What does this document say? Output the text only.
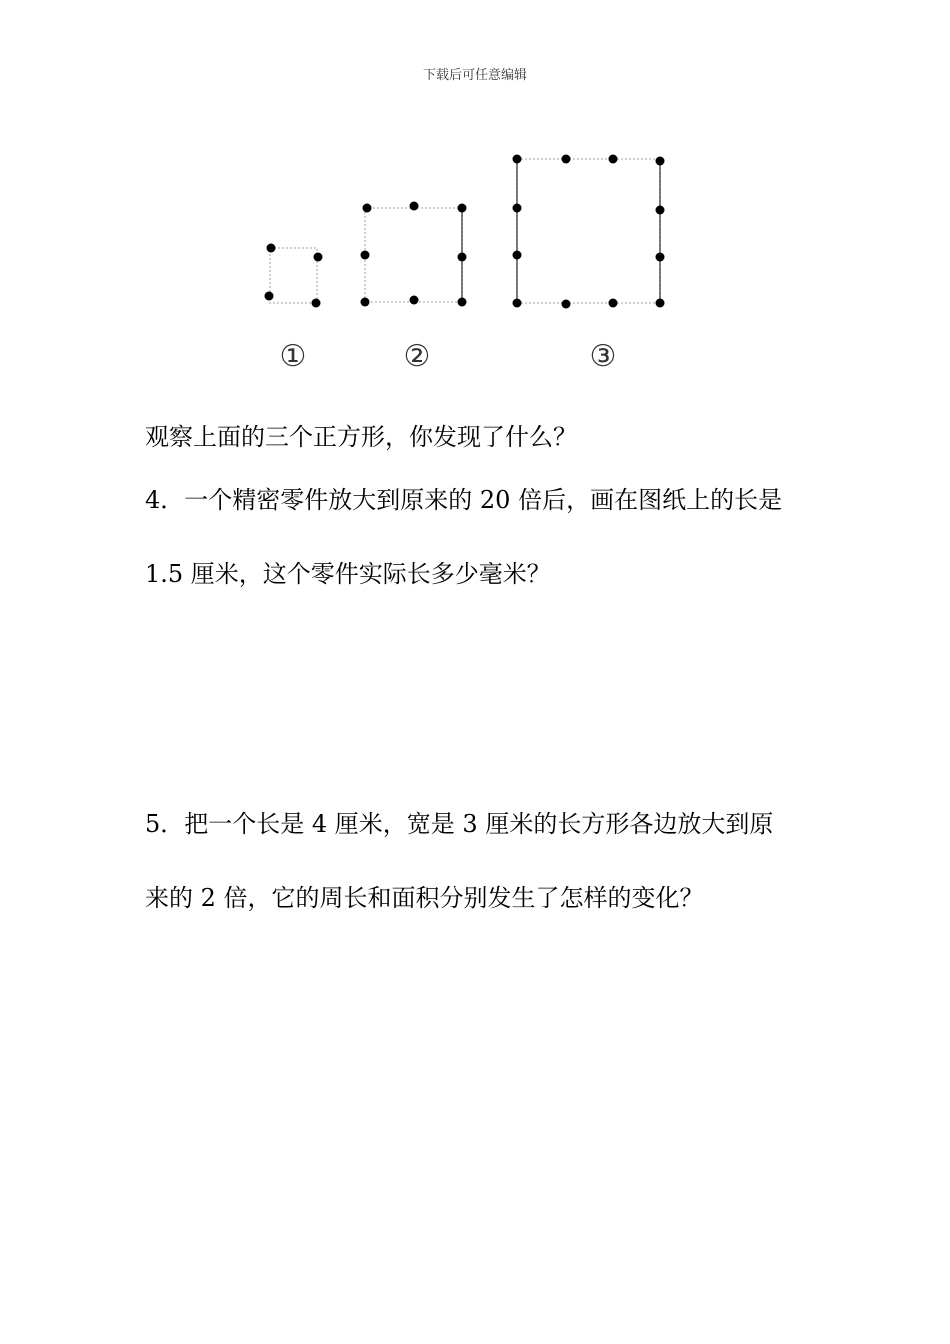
下载后可任意编辑
①	②	③
观察上面的三个正方形，你发现了什么？
4．一个精密零件放大到原来的 20 倍后，画在图纸上的长是
1.5 厘米，这个零件实际长多少毫米？
5．把一个长是 4 厘米，宽是 3 厘米的长方形各边放大到原
来的 2 倍，它的周长和面积分别发生了怎样的变化？
